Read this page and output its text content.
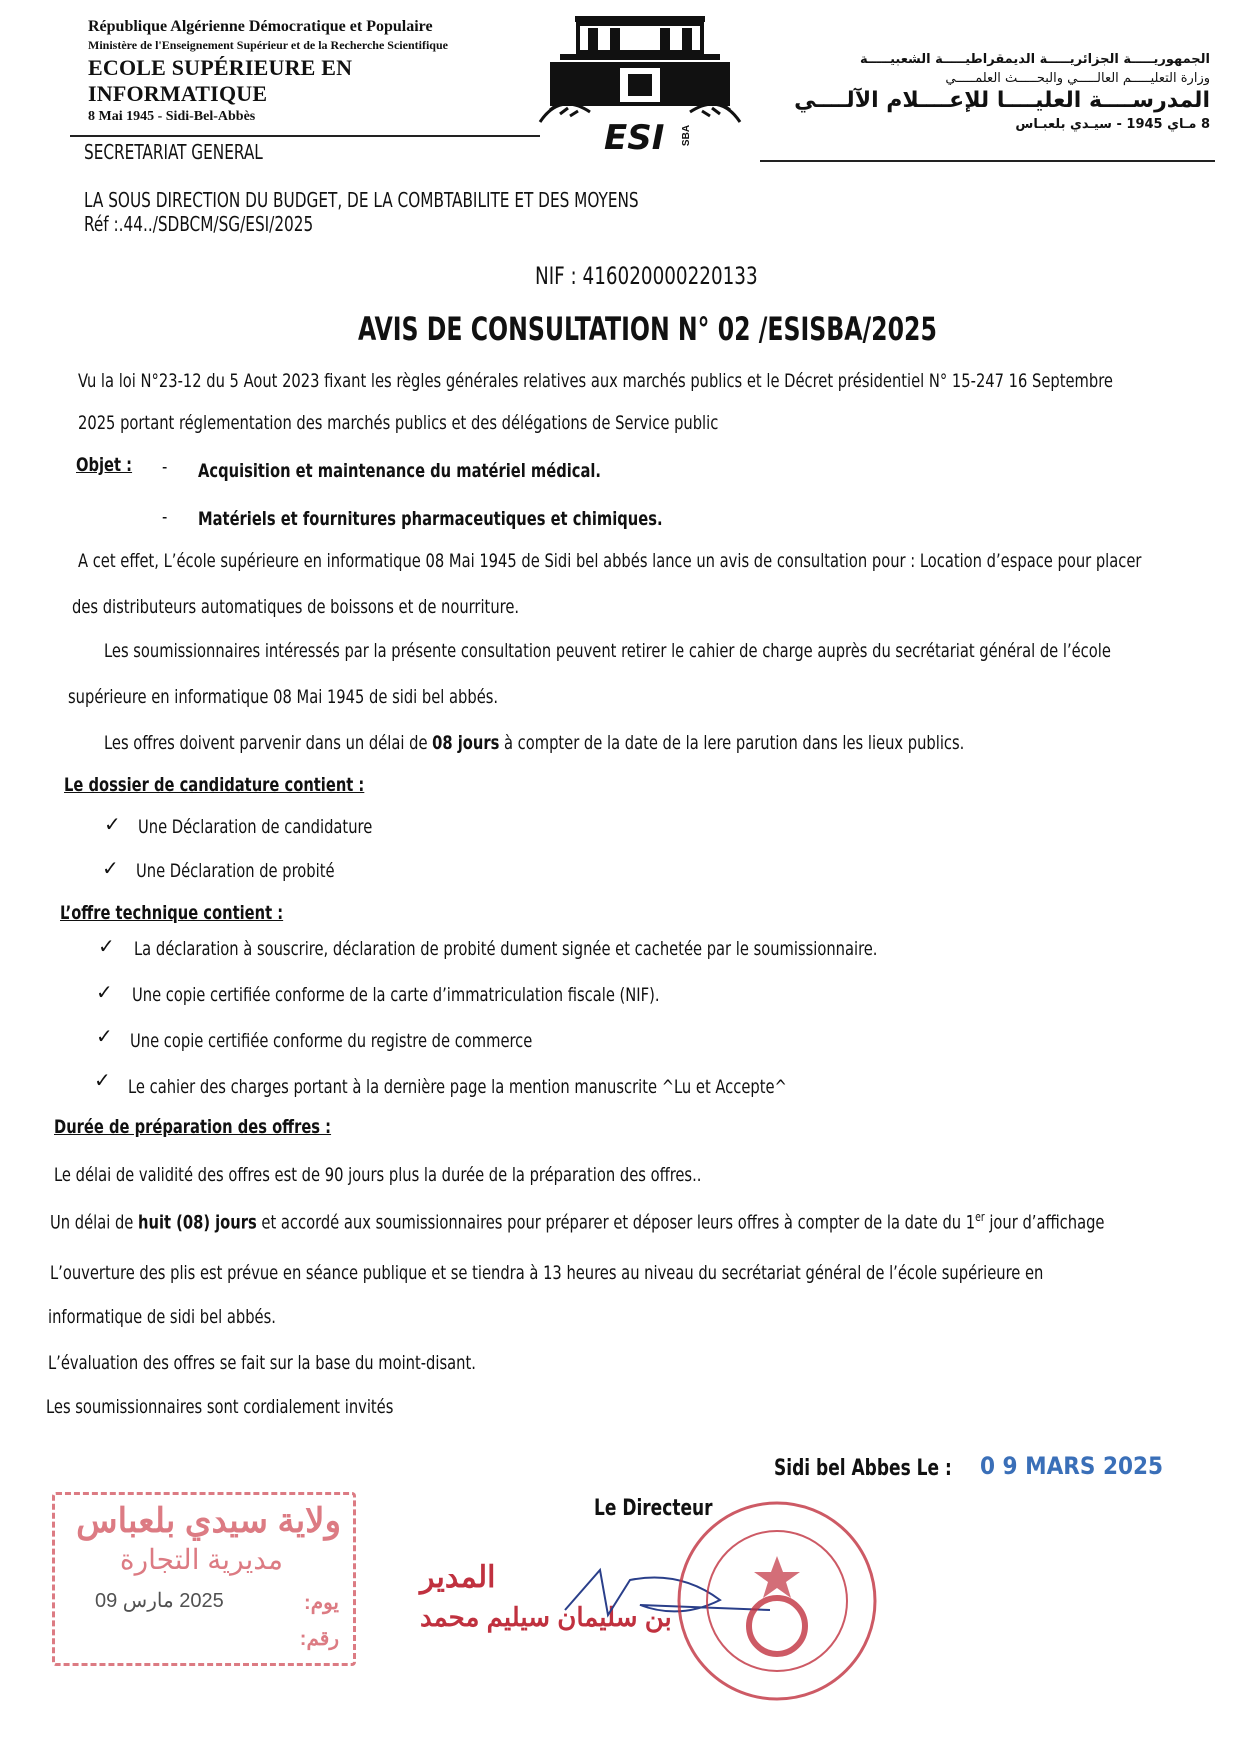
République Algérienne Démocratique et Populaire
Ministère de l'Enseignement Supérieur et de la Recherche Scientifique
ECOLE SUPÉRIEURE EN INFORMATIQUE
8 Mai 1945 - Sidi-Bel-Abbès
ESI SBA
الجمهوريـــــة الجزائريـــــة الديمقراطيـــــة الشعبيـــــة
وزارة التعليـــــم العالـــــي والبحـــــث العلمـــــي
المدرســــة العليــــا للإعــــلام الآلــــي
8 مـاي 1945 - سيـدي بلعبـاس
SECRETARIAT GENERAL
LA SOUS DIRECTION DU BUDGET, DE LA COMBTABILITE ET DES MOYENS
Réf :.44../SDBCM/SG/ESI/2025
NIF : 416020000220133
AVIS DE CONSULTATION N° 02 /ESISBA/2025
Vu la loi N°23-12 du 5 Aout 2023 fixant les règles générales relatives aux marchés publics et le Décret présidentiel N° 15-247 16 Septembre
2025 portant réglementation des marchés publics et des délégations de Service public
Objet : - Acquisition et maintenance du matériel médical.
- Matériels et fournitures pharmaceutiques et chimiques.
A cet effet, L’école supérieure en informatique 08 Mai 1945 de Sidi bel abbés lance un avis de consultation pour : Location d’espace pour placer
des distributeurs automatiques de boissons et de nourriture.
Les soumissionnaires intéressés par la présente consultation peuvent retirer le cahier de charge auprès du secrétariat général de l’école
supérieure en informatique 08 Mai 1945 de sidi bel abbés.
Les offres doivent parvenir dans un délai de 08 jours à compter de la date de la lere parution dans les lieux publics.
Le dossier de candidature contient :
✓ Une Déclaration de candidature
✓ Une Déclaration de probité
L’offre technique contient :
✓ La déclaration à souscrire, déclaration de probité dument signée et cachetée par le soumissionnaire.
✓ Une copie certifiée conforme de la carte d’immatriculation fiscale (NIF).
✓ Une copie certifiée conforme du registre de commerce
✓ Le cahier des charges portant à la dernière page la mention manuscrite ^Lu et Accepte^
Durée de préparation des offres :
Le délai de validité des offres est de 90 jours plus la durée de la préparation des offres..
Un délai de huit (08) jours et accordé aux soumissionnaires pour préparer et déposer leurs offres à compter de la date du 1er jour d’affichage
L’ouverture des plis est prévue en séance publique et se tiendra à 13 heures au niveau du secrétariat général de l’école supérieure en
informatique de sidi bel abbés.
L’évaluation des offres se fait sur la base du moint-disant.
Les soumissionnaires sont cordialement invités
Sidi bel Abbes Le : 0 9 MARS 2025
Le Directeur
ولاية سيدي بلعباس
مديرية التجارة
يوم:
رقم:
2025 مارس 09
المدير
بن سليمان سيليم محمد
